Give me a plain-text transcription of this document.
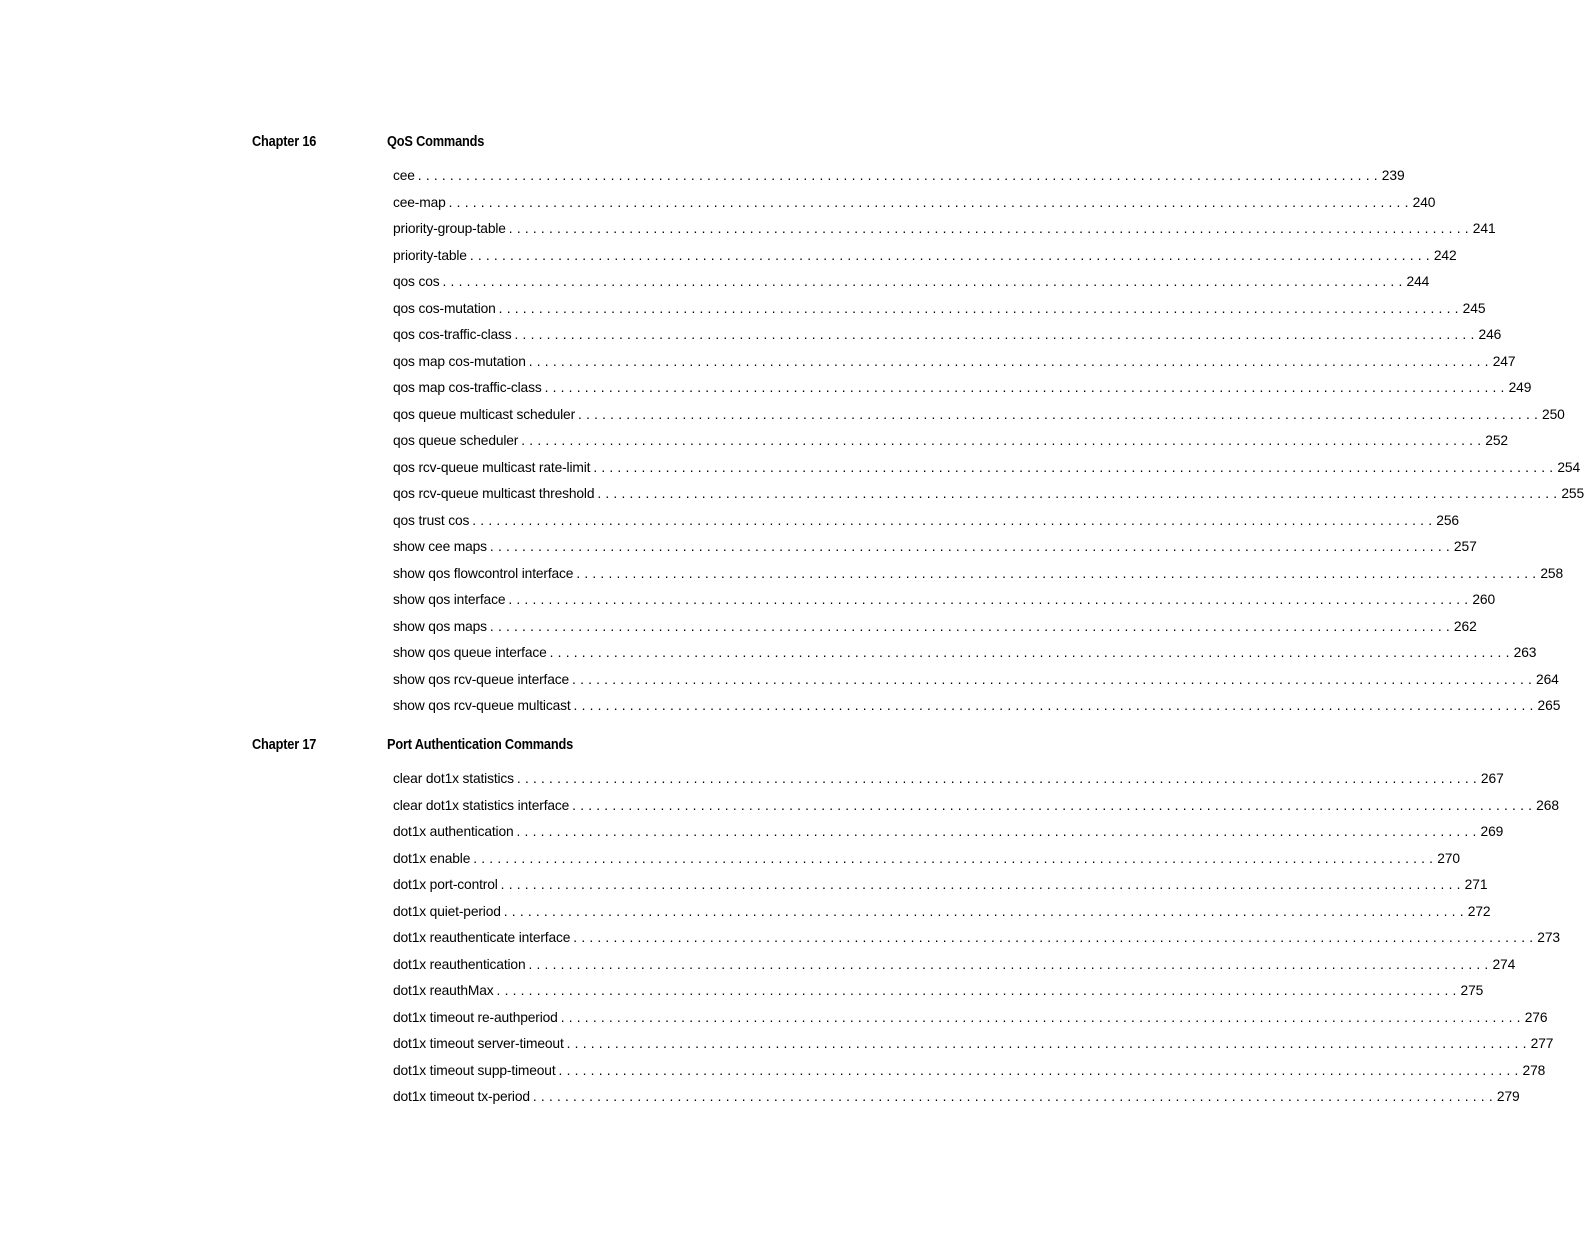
Chapter 16	QoS Commands
cee ........................................................................................................................ 239
cee-map ........................................................................................................................ 240
priority-group-table ........................................................................................................................ 241
priority-table ........................................................................................................................ 242
qos cos ........................................................................................................................ 244
qos cos-mutation ........................................................................................................................ 245
qos cos-traffic-class ........................................................................................................................ 246
qos map cos-mutation ........................................................................................................................ 247
qos map cos-traffic-class ........................................................................................................................ 249
qos queue multicast scheduler ........................................................................................................................ 250
qos queue scheduler ........................................................................................................................ 252
qos rcv-queue multicast rate-limit ........................................................................................................................ 254
qos rcv-queue multicast threshold ........................................................................................................................ 255
qos trust cos ........................................................................................................................ 256
show cee maps ........................................................................................................................ 257
show qos flowcontrol interface ........................................................................................................................ 258
show qos interface ........................................................................................................................ 260
show qos maps ........................................................................................................................ 262
show qos queue interface ........................................................................................................................ 263
show qos rcv-queue interface ........................................................................................................................ 264
show qos rcv-queue multicast ........................................................................................................................ 265
Chapter 17	Port Authentication Commands
clear dot1x statistics ........................................................................................................................ 267
clear dot1x statistics interface ........................................................................................................................ 268
dot1x authentication ........................................................................................................................ 269
dot1x enable ........................................................................................................................ 270
dot1x port-control ........................................................................................................................ 271
dot1x quiet-period ........................................................................................................................ 272
dot1x reauthenticate interface ........................................................................................................................ 273
dot1x reauthentication ........................................................................................................................ 274
dot1x reauthMax ........................................................................................................................ 275
dot1x timeout re-authperiod ........................................................................................................................ 276
dot1x timeout server-timeout ........................................................................................................................ 277
dot1x timeout supp-timeout ........................................................................................................................ 278
dot1x timeout tx-period ........................................................................................................................ 279
